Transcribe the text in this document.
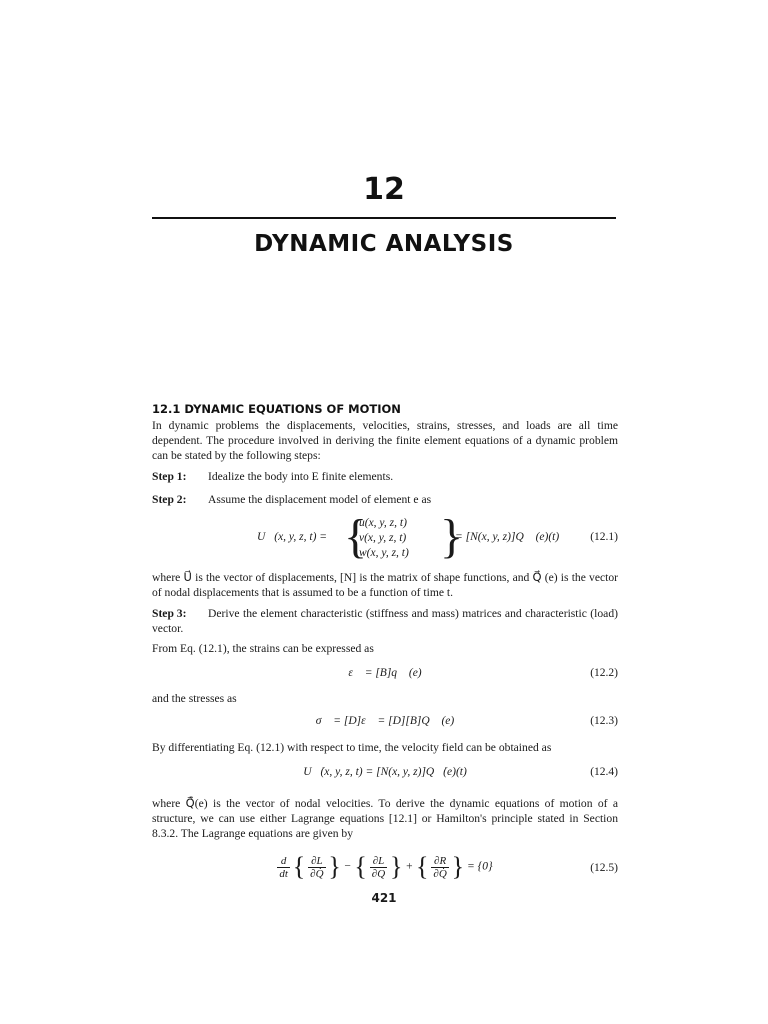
12
DYNAMIC ANALYSIS
12.1 DYNAMIC EQUATIONS OF MOTION
In dynamic problems the displacements, velocities, strains, stresses, and loads are all time dependent. The procedure involved in deriving the finite element equations of a dynamic problem can be stated by the following steps:
Step 1: Idealize the body into E finite elements.
Step 2: Assume the displacement model of element e as
U⃗(x, y, z, t) = {
u(x, y, z, t)
v(x, y, z, t)
w(x, y, z, t) }
= [N(x, y, z)]Q⃗ (e)(t)	(12.1)
where U⃗ is the vector of displacements, [N] is the matrix of shape functions, and Q⃗ (e) is the vector of nodal displacements that is assumed to be a function of time t.
Step 3: Derive the element characteristic (stiffness and mass) matrices and characteristic (load) vector.
From Eq. (12.1), the strains can be expressed as
ε⃗ = [B]q⃗ (e)	(12.2)
and the stresses as
σ⃗ = [D]ε⃗ = [D][B]Q⃗ (e)	(12.3)
By differentiating Eq. (12.1) with respect to time, the velocity field can be obtained as
U⃗̇(x, y, z, t) = [N(x, y, z)]Q⃗̇(e)(t)	(12.4)
where Q⃗̇(e) is the vector of nodal velocities. To derive the dynamic equations of motion of a structure, we can use either Lagrange equations [12.1] or Hamilton's principle stated in Section 8.3.2. The Lagrange equations are given by
$\frac{d}{dt}$ { $\frac{\partial L}{\partial Q̇}$ } − { $\frac{\partial L}{\partial Q}$ } + { $\frac{\partial R}{\partial Q̇}$ } = {0}	(12.5)
421
